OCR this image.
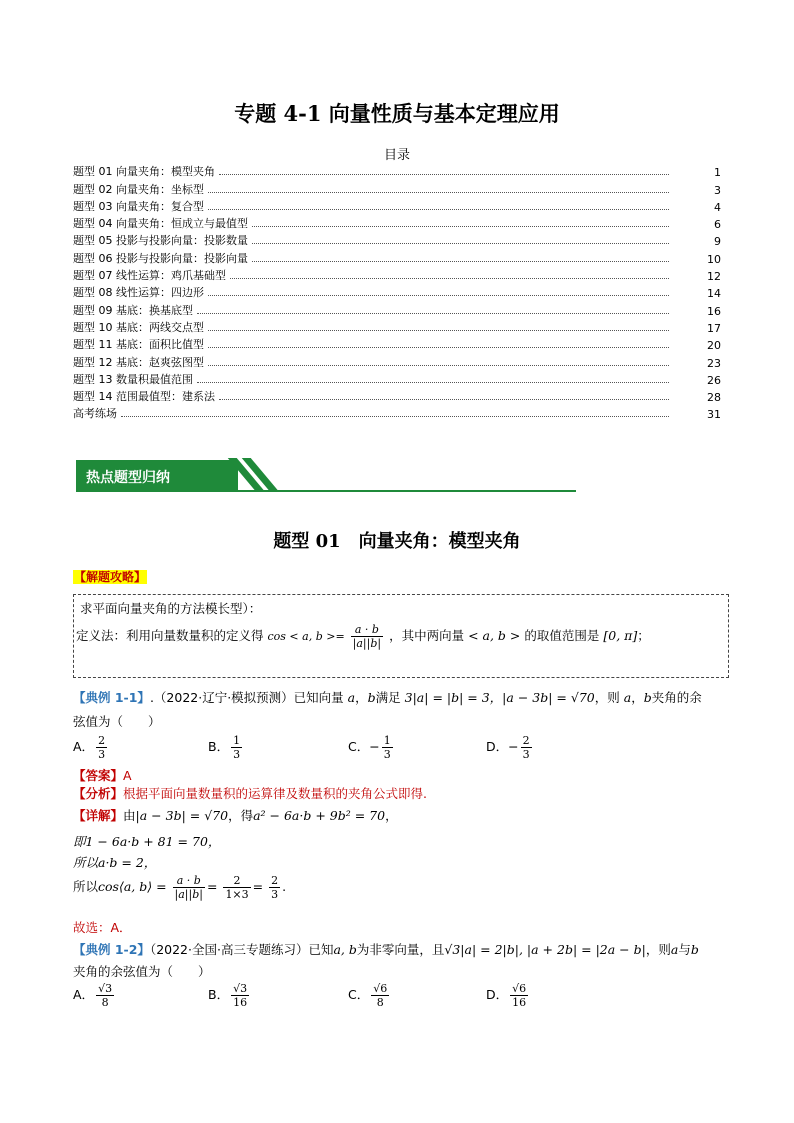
专题 4-1 向量性质与基本定理应用
目录
题型 01 向量夹角：模型夹角	1
题型 02 向量夹角：坐标型	3
题型 03 向量夹角：复合型	4
题型 04 向量夹角：恒成立与最值型	6
题型 05 投影与投影向量：投影数量	9
题型 06 投影与投影向量：投影向量	10
题型 07 线性运算：鸡爪基础型	12
题型 08 线性运算：四边形	14
题型 09 基底：换基底型	16
题型 10 基底：两线交点型	17
题型 11 基底：面积比值型	20
题型 12 基底：赵爽弦图型	23
题型 13 数量积最值范围	26
题型 14 范围最值型：建系法	28
高考练场	31
热点题型归纳
题型 01　向量夹角：模型夹角
【解题攻略】
求平面向量夹角的方法模长型）：
定义法：利用向量数量积的定义得 cos < a, $b >= \frac{a \cdot b}{|a||b|}$ ，其中两向量 < a, b > 的取值范围是 [0, π]；
【典例 1-1】.（2022·辽宁·模拟预测）已知向量 a，b满足 3|a| = |b| = 3，|a − 3b| = √70，则 a，b夹角的余
弦值为（　　）
A． $\frac{2}{3}$	B． $\frac{1}{3}$	C．− $\frac{1}{3}$	D．− $\frac{2}{3}$
【答案】A
【分析】根据平面向量数量积的运算律及数量积的夹角公式即得.
【详解】由|a − 3b| = √70，得a² − 6a·b + 9b² = 70，
即1 − 6a·b + 81 = 70，
所以a·b = 2，
所以cos⟨a, b⟩ = $\frac{a \cdot b}{|a||b|} = \frac{2}{1\times 3} = \frac{2}{3}$ .
故选：A．
【典例 1-2】（2022·全国·高三专题练习）已知a, b为非零向量，且√3|a| = 2|b|, |a + 2b| = |2a − b|，则a与b
夹角的余弦值为（　　）
A． $\frac{√3}{8}$	B． $\frac{√3}{16}$	C． $\frac{√6}{8}$	D． $\frac{√6}{16}$
